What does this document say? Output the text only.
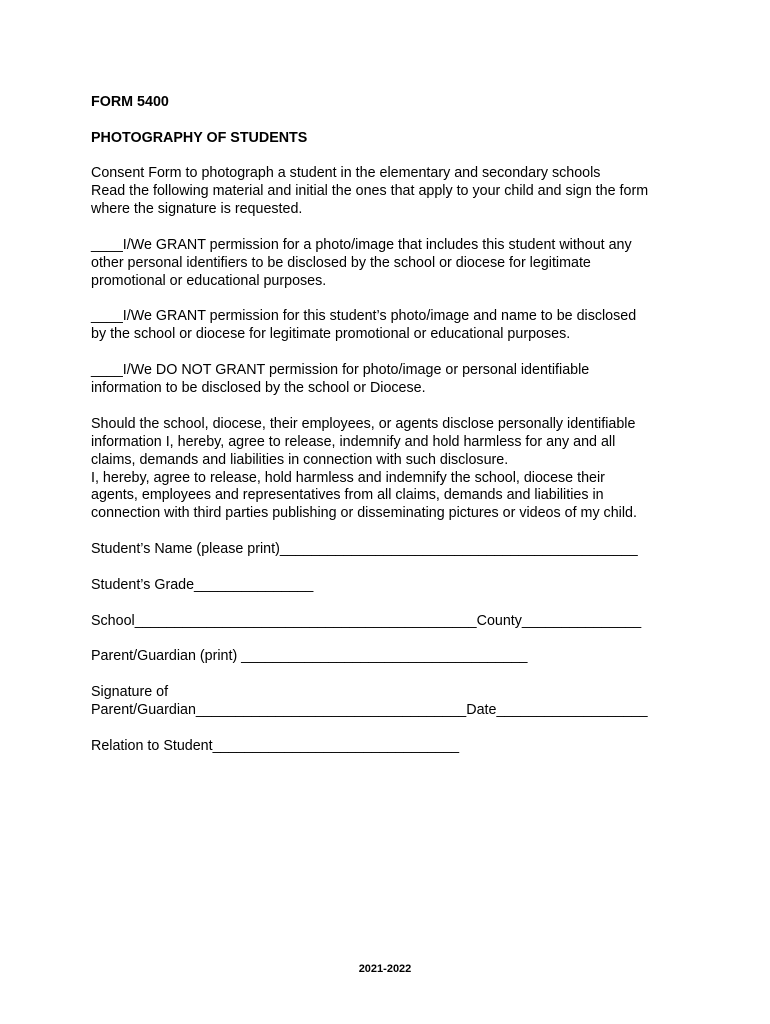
FORM 5400

PHOTOGRAPHY OF STUDENTS

Consent Form to photograph a student in the elementary and secondary schools

Read the following material and initial the ones that apply to your child and sign the form

where the signature is requested.

____I/We GRANT permission for a photo/image that includes this student without any

other personal identifiers to be disclosed by the school or diocese for legitimate

promotional or educational purposes.

____I/We GRANT permission for this student’s photo/image and name to be disclosed

by the school or diocese for legitimate promotional or educational purposes.

____I/We DO NOT GRANT permission for photo/image or personal identifiable

information to be disclosed by the school or Diocese.

Should the school, diocese, their employees, or agents disclose personally identifiable

information I, hereby, agree to release, indemnify and hold harmless for any and all

claims, demands and liabilities in connection with such disclosure.

I, hereby, agree to release, hold harmless and indemnify the school, diocese their

agents, employees and representatives from all claims, demands and liabilities in

connection with third parties publishing or disseminating pictures or videos of my child.

Student’s Name (please print)_____________________________________________

Student’s Grade_______________

School___________________________________________County_______________

Parent/Guardian (print) ____________________________________

Signature of

Parent/Guardian__________________________________Date___________________

Relation to Student_______________________________

2021-2022
